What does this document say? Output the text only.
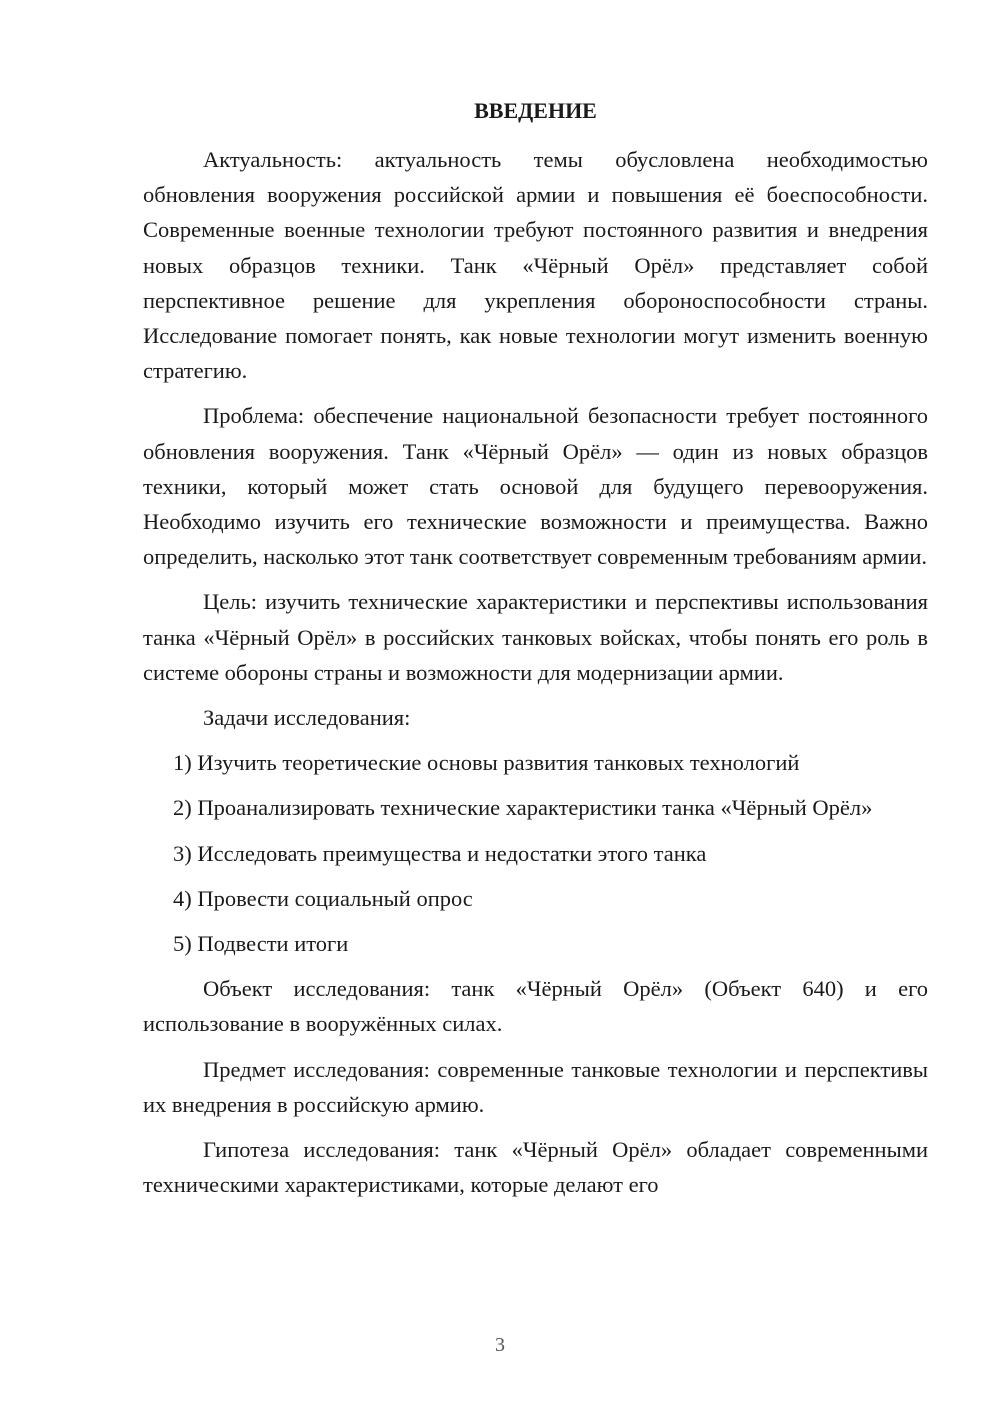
ВВЕДЕНИЕ

Актуальность: актуальность темы обусловлена необходимостью обновления вооружения российской армии и повышения её боеспособности. Современные военные технологии требуют постоянного развития и внедрения новых образцов техники. Танк «Чёрный Орёл» представляет собой перспективное решение для укрепления обороноспособности страны. Исследование помогает понять, как новые технологии могут изменить военную стратегию.

Проблема: обеспечение национальной безопасности требует постоянного обновления вооружения. Танк «Чёрный Орёл» — один из новых образцов техники, который может стать основой для будущего перевооружения. Необходимо изучить его технические возможности и преимущества. Важно определить, насколько этот танк соответствует современным требованиям армии.

Цель: изучить технические характеристики и перспективы использования танка «Чёрный Орёл» в российских танковых войсках, чтобы понять его роль в системе обороны страны и возможности для модернизации армии.

Задачи исследования:

1) Изучить теоретические основы развития танковых технологий

2) Проанализировать технические характеристики танка «Чёрный Орёл»

3) Исследовать преимущества и недостатки этого танка

4) Провести социальный опрос

5) Подвести итоги

Объект исследования: танк «Чёрный Орёл» (Объект 640) и его использование в вооружённых силах.

Предмет исследования: современные танковые технологии и перспективы их внедрения в российскую армию.

Гипотеза исследования: танк «Чёрный Орёл» обладает современными техническими характеристиками, которые делают его

3
